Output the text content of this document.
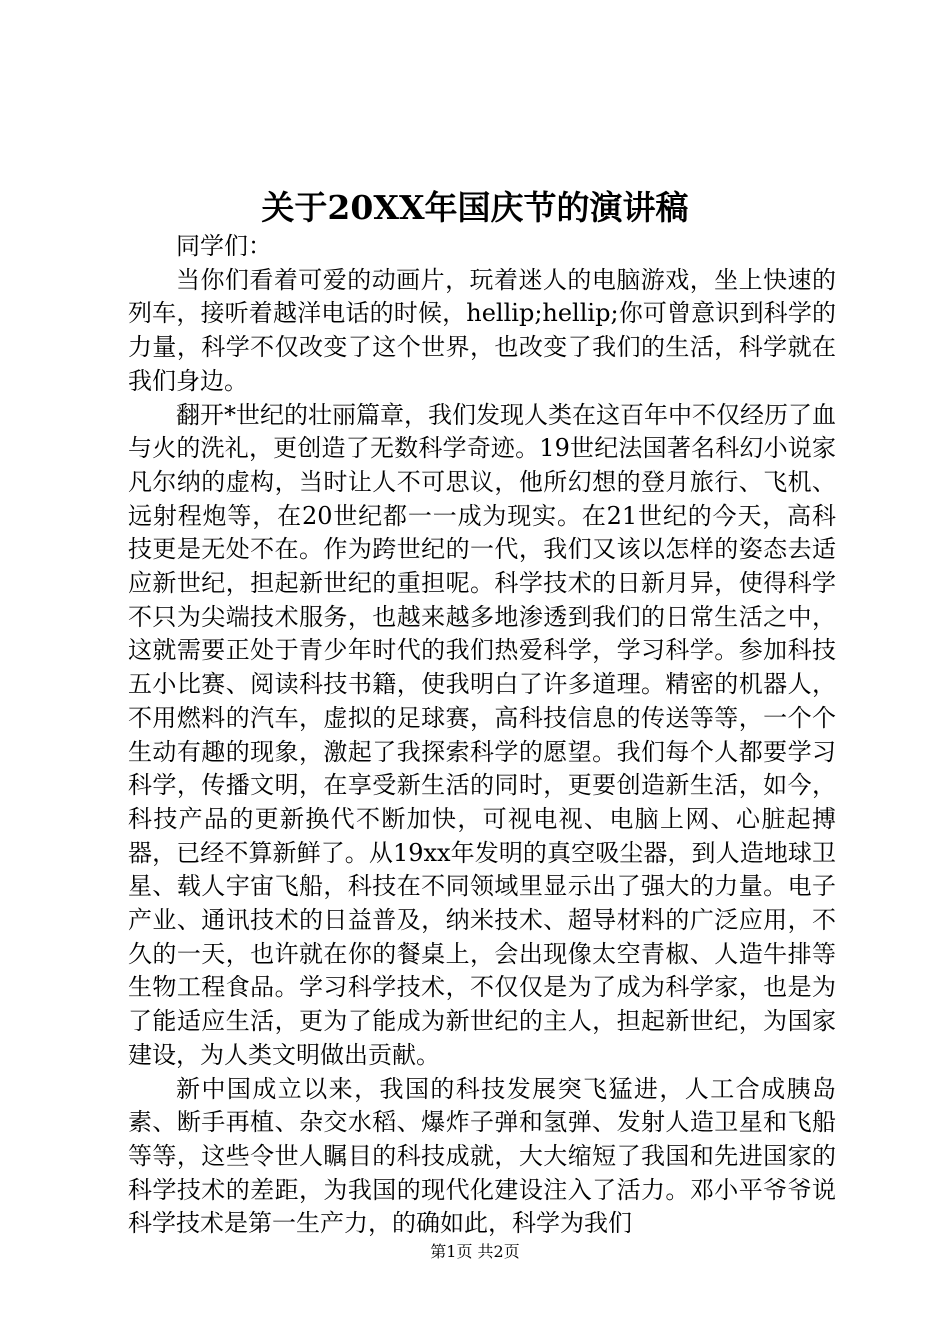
关于20XX年国庆节的演讲稿

同学们：

当你们看着可爱的动画片，玩着迷人的电脑游戏，坐上快速的列车，接听着越洋电话的时候，hellip;hellip;你可曾意识到科学的力量，科学不仅改变了这个世界，也改变了我们的生活，科学就在我们身边。

翻开*世纪的壮丽篇章，我们发现人类在这百年中不仅经历了血与火的洗礼，更创造了无数科学奇迹。19世纪法国著名科幻小说家凡尔纳的虚构，当时让人不可思议，他所幻想的登月旅行、飞机、远射程炮等，在20世纪都一一成为现实。在21世纪的今天，高科技更是无处不在。作为跨世纪的一代，我们又该以怎样的姿态去适应新世纪，担起新世纪的重担呢。科学技术的日新月异，使得科学不只为尖端技术服务，也越来越多地渗透到我们的日常生活之中，这就需要正处于青少年时代的我们热爱科学，学习科学。参加科技五小比赛、阅读科技书籍，使我明白了许多道理。精密的机器人，不用燃料的汽车，虚拟的足球赛，高科技信息的传送等等，一个个生动有趣的现象，激起了我探索科学的愿望。我们每个人都要学习科学，传播文明，在享受新生活的同时，更要创造新生活，如今，科技产品的更新换代不断加快，可视电视、电脑上网、心脏起搏器，已经不算新鲜了。从19xx年发明的真空吸尘器，到人造地球卫星、载人宇宙飞船，科技在不同领域里显示出了强大的力量。电子产业、通讯技术的日益普及，纳米技术、超导材料的广泛应用，不久的一天，也许就在你的餐桌上，会出现像太空青椒、人造牛排等生物工程食品。学习科学技术，不仅仅是为了成为科学家，也是为了能适应生活，更为了能成为新世纪的主人，担起新世纪，为国家建设，为人类文明做出贡献。

新中国成立以来，我国的科技发展突飞猛进，人工合成胰岛素、断手再植、杂交水稻、爆炸子弹和氢弹、发射人造卫星和飞船等等，这些令世人瞩目的科技成就，大大缩短了我国和先进国家的科学技术的差距，为我国的现代化建设注入了活力。邓小平爷爷说科学技术是第一生产力，的确如此，科学为我们

第1页 共2页
